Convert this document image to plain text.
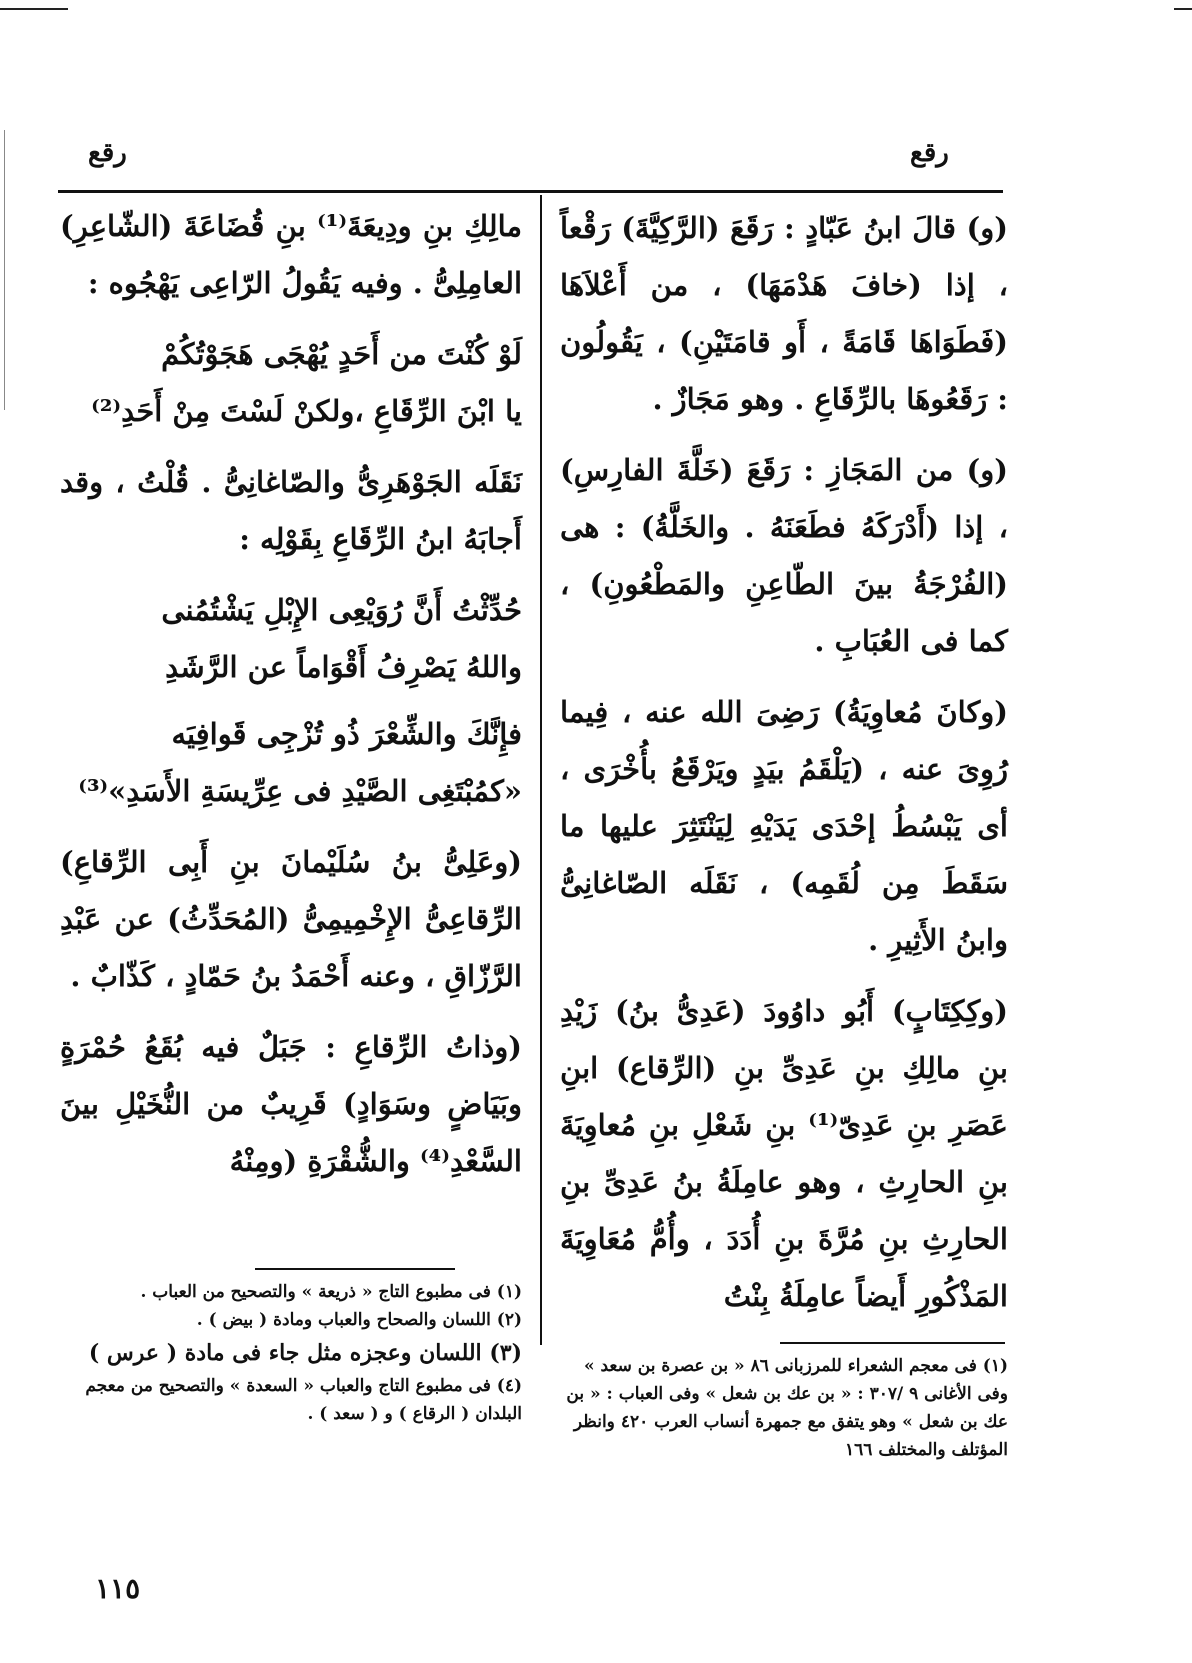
رقع	رقع

(و) قالَ ابنُ عَبّادٍ : رَقَعَ (الرَّكِيَّةَ) رَقْعاً ، إذا (خافَ هَدْمَهَا) ، من أَعْلاَهَا (فَطَوَاهَا قَامَةً ، أَو قامَتَيْنِ) ، يَقُولُون : رَقَعُوهَا بالرِّقَاعِ . وهو مَجَازٌ .

(و) من المَجَازِ : رَقَعَ (خَلَّةَ الفارِسِ) ، إذا (أَدْرَكَهُ فطَعَنَهُ . والخَلَّةُ) : هى (الفُرْجَةُ بينَ الطّاعِنِ والمَطْعُونِ) ، كما فى العُبَابِ .

(وكانَ مُعاوِيَةُ) رَضِىَ الله عنه ، فِيما رُوِىَ عنه ، (يَلْقَمُ بيَدٍ ويَرْقَعُ بأُخْرَى ، أى يَبْسُطُ إحْدَى يَدَيْهِ لِيَنْتَثِرَ عليها ما سَقَطَ مِن لُقَمِه) ، نَقَلَه الصّاغانِىُّ وابنُ الأَثِيرِ .

(وكِكِتَابٍ) أَبُو داوُودَ (عَدِىُّ بنُ) زَيْدِ بنِ مالِكِ بنِ عَدِىِّ بنِ (الرِّقاع) ابنِ عَصَرِ بنِ عَدِىّ⁽¹⁾ بنِ شَعْلِ بنِ مُعاوِيَةَ بنِ الحارِثِ ، وهو عامِلَةُ بنُ عَدِىِّ بنِ الحارِثِ بنِ مُرَّةَ بنِ أُدَدَ ، وأُمُّ مُعَاوِيَةَ المَذْكُورِ أَيضاً عامِلَةُ بِنْتُ

مالِكِ بنِ ودِيعَةَ⁽¹⁾ بنِ قُضَاعَةَ (الشّاعِرِ) العامِلِىُّ . وفيه يَقُولُ الرّاعِى يَهْجُوه :

لَوْ كُنْتَ من أَحَدٍ يُهْجَى هَجَوْتُكُمْ
يا ابْنَ الرِّقَاعِ ،ولكنْ لَسْتَ مِنْ أَحَدِ⁽²⁾

نَقَلَه الجَوْهَرِىُّ والصّاغانِىُّ . قُلْتُ ، وقد أَجابَهُ ابنُ الرِّقَاعِ بِقَوْلِه :

حُدِّثْتُ أَنَّ رُوَيْعِى الإِبْلِ يَشْتُمُنى
واللهُ يَصْرِفُ أَقْوَاماً عن الرَّشَدِ
فإِنَّكَ والشِّعْرَ ذُو تُزْجِى قَوافِيَه
«كمُبْتَغِى الصَّيْدِ فى عِرِّيسَةِ الأَسَدِ»⁽³⁾

(وعَلِىُّ بنُ سُلَيْمانَ بنِ أَبِى الرِّقاعِ) الرِّقاعِىُّ الإِخْمِيمِىُّ (المُحَدِّثُ) عن عَبْدِ الرَّزّاقِ ، وعنه أَحْمَدُ بنُ حَمّادٍ ، كَذّابٌ .

(وذاتُ الرِّقاعِ : جَبَلٌ فيه بُقَعُ حُمْرَةٍ وبَيَاضٍ وسَوَادٍ) قَرِيبٌ من النُّخَيْلِ بينَ السَّعْدِ⁽⁴⁾ والشُّقْرَةِ (ومِنْهُ

(١) فى معجم الشعراء للمرزبانى ٨٦ « بن عصرة بن سعد » وفى الأغانى ٩ /٣٠٧ : « بن عك بن شعل » وفى العباب : « بن عك بن شعل » وهو يتفق مع جمهرة أنساب العرب ٤٢٠ وانظر المؤتلف والمختلف ١٦٦
(١) فى مطبوع التاج « ذريعة » والتصحيح من العباب .
(٢) اللسان والصحاح والعباب ومادة ( بيض ) .
(٣) اللسان وعجزه مثل جاء فى مادة ( عرس )
(٤) فى مطبوع التاج والعباب « السعدة » والتصحيح من معجم البلدان ( الرقاع ) و ( سعد ) .
١١٥
